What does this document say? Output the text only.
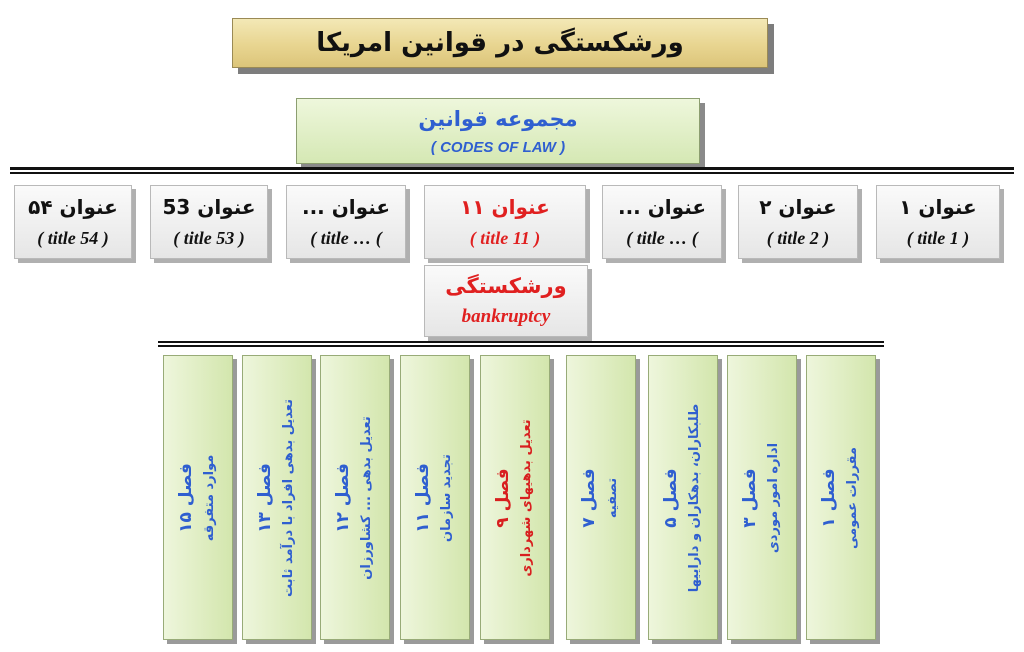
ورشکستگی در قوانین امریکا
مجموعه قوانین
( CODES OF LAW )
عنوان ۵۴
( title 54 )
عنوان 53
( title 53 )
عنوان ...
( title … (
عنوان ۱۱
( title 11 )
عنوان ...
( title … (
عنوان ۲
( title 2 )
عنوان ۱
( title 1 )
ورشکستگی
bankruptcy
فصل ۱۵ موارد متفرقه فصل ۱۳ تعدیل بدهی افراد با درآمد ثابت فصل ۱۲ تعدیل بدهی ... کشاورزان فصل ۱۱ تجدید سازمان فصل ۹ تعدیل بدهیهای شهرداری	فصل ۷ تصفیه
فصل ۵ طلبکاران، بدهکاران و داراییها فصل ۳ اداره امور موردی فصل ۱ مقررات عمومی
